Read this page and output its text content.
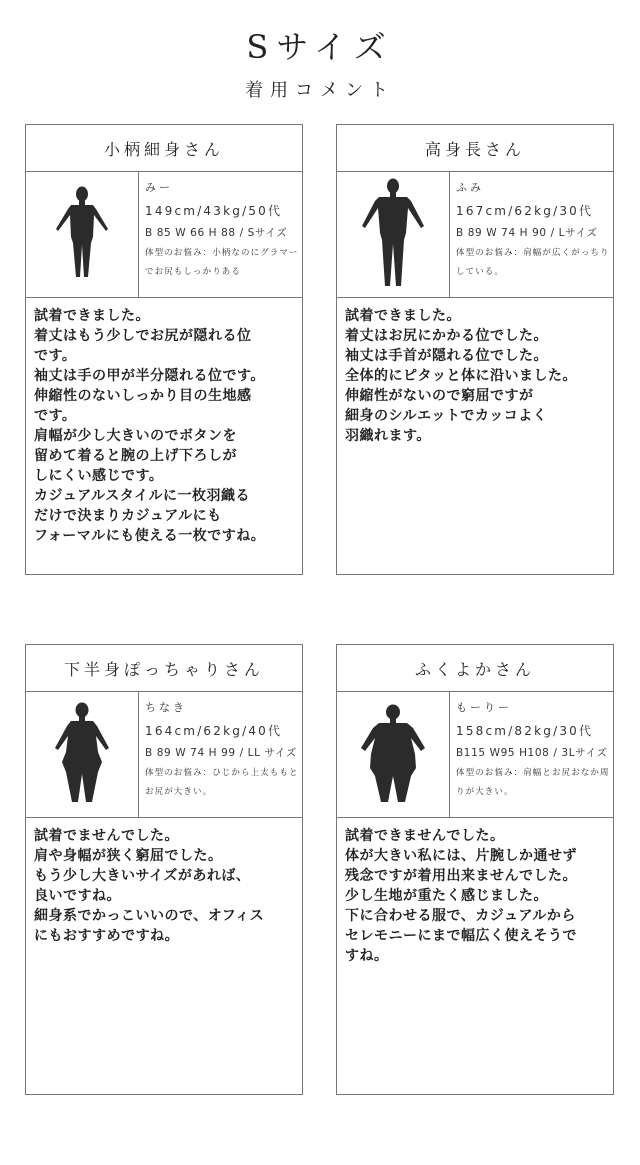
Sサイズ
着用コメント
小柄細身さん
みー
149cm/43kg/50代
B 85 W 66 H 88 / Sサイズ
体型のお悩み：小柄なのにグラマーでお尻もしっかりある
試着できました。
着丈はもう少しでお尻が隠れる位
です。
袖丈は手の甲が半分隠れる位です。
伸縮性のないしっかり目の生地感
です。
肩幅が少し大きいのでボタンを
留めて着ると腕の上げ下ろしが
しにくい感じです。
カジュアルスタイルに一枚羽織る
だけで決まりカジュアルにも
フォーマルにも使える一枚ですね。
高身長さん
ふみ
167cm/62kg/30代
B 89 W 74 H 90 / Lサイズ
体型のお悩み：肩幅が広くがっちりしている。
試着できました。
着丈はお尻にかかる位でした。
袖丈は手首が隠れる位でした。
全体的にピタッと体に沿いました。
伸縮性がないので窮屈ですが
細身のシルエットでカッコよく
羽織れます。
下半身ぽっちゃりさん
ちなき
164cm/62kg/40代
B 89 W 74 H 99 / LL サイズ
体型のお悩み：ひじから上太ももとお尻が大きい。
試着でませんでした。
肩や身幅が狭く窮屈でした。
もう少し大きいサイズがあれば、
良いですね。
細身系でかっこいいので、オフィス
にもおすすめですね。
ふくよかさん
もーりー
158cm/82kg/30代
B115 W95 H108 / 3Lサイズ
体型のお悩み：肩幅とお尻おなか周りが大きい。
試着できませんでした。
体が大きい私には、片腕しか通せず
残念ですが着用出来ませんでした。
少し生地が重たく感じました。
下に合わせる服で、カジュアルから
セレモニーにまで幅広く使えそうで
すね。
